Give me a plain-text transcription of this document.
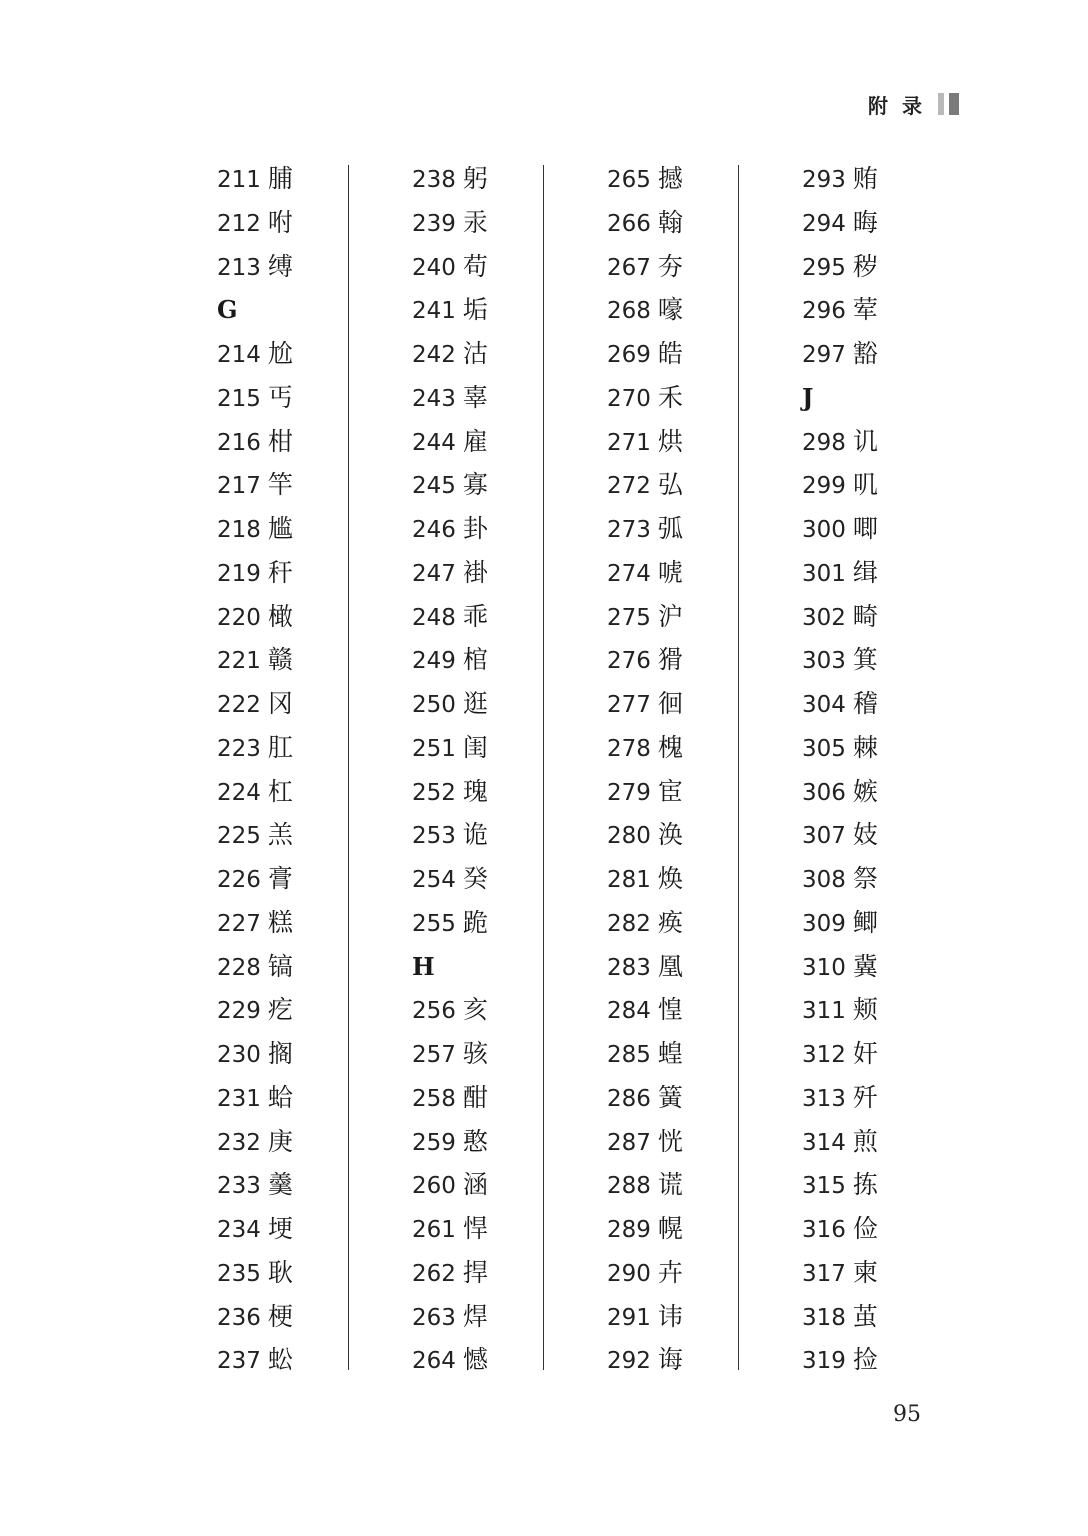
附录
211 脯
212 咐
213 缚
G
214 尬
215 丐
216 柑
217 竿
218 尴
219 秆
220 橄
221 赣
222 冈
223 肛
224 杠
225 羔
226 膏
227 糕
228 镐
229 疙
230 搁
231 蛤
232 庚
233 羹
234 埂
235 耿
236 梗
237 蚣
238 躬
239 汞
240 苟
241 垢
242 沽
243 辜
244 雇
245 寡
246 卦
247 褂
248 乖
249 棺
250 逛
251 闺
252 瑰
253 诡
254 癸
255 跪
H
256 亥
257 骇
258 酣
259 憨
260 涵
261 悍
262 捍
263 焊
264 憾
265 撼
266 翰
267 夯
268 嚎
269 皓
270 禾
271 烘
272 弘
273 弧
274 唬
275 沪
276 猾
277 徊
278 槐
279 宦
280 涣
281 焕
282 痪
283 凰
284 惶
285 蝗
286 簧
287 恍
288 谎
289 幌
290 卉
291 讳
292 诲
293 贿
294 晦
295 秽
296 荤
297 豁
J
298 讥
299 叽
300 唧
301 缉
302 畸
303 箕
304 稽
305 棘
306 嫉
307 妓
308 祭
309 鲫
310 冀
311 颊
312 奸
313 歼
314 煎
315 拣
316 俭
317 柬
318 茧
319 捡
95
